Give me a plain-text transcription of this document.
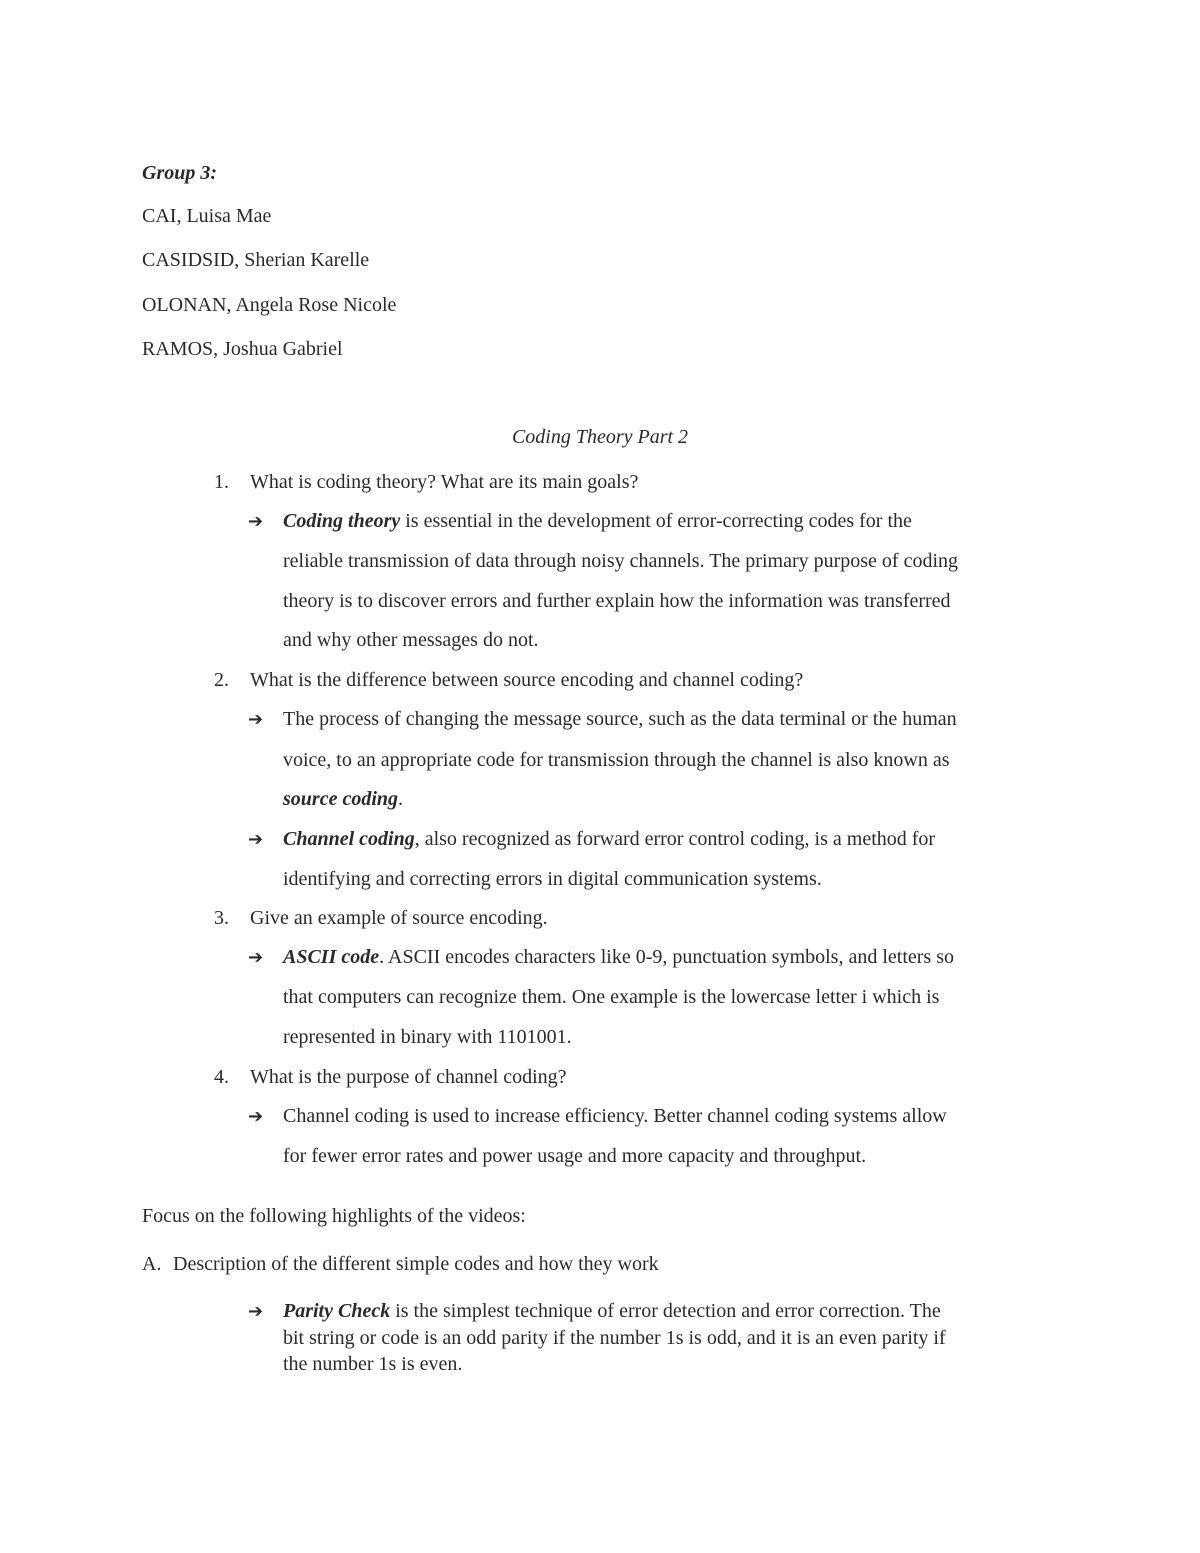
Group 3:
CAI, Luisa Mae
CASIDSID, Sherian Karelle
OLONAN, Angela Rose Nicole
RAMOS, Joshua Gabriel
Coding Theory Part 2
1. What is coding theory? What are its main goals?
➔ Coding theory is essential in the development of error-correcting codes for the
reliable transmission of data through noisy channels. The primary purpose of coding
theory is to discover errors and further explain how the information was transferred
and why other messages do not.
2. What is the difference between source encoding and channel coding?
➔ The process of changing the message source, such as the data terminal or the human
voice, to an appropriate code for transmission through the channel is also known as
source coding.
➔ Channel coding, also recognized as forward error control coding, is a method for
identifying and correcting errors in digital communication systems.
3. Give an example of source encoding.
➔ ASCII code. ASCII encodes characters like 0-9, punctuation symbols, and letters so
that computers can recognize them. One example is the lowercase letter i which is
represented in binary with 1101001.
4. What is the purpose of channel coding?
➔ Channel coding is used to increase efficiency. Better channel coding systems allow
for fewer error rates and power usage and more capacity and throughput.
Focus on the following highlights of the videos:
A. Description of the different simple codes and how they work
➔ Parity Check is the simplest technique of error detection and error correction. The
bit string or code is an odd parity if the number 1s is odd, and it is an even parity if
the number 1s is even.
